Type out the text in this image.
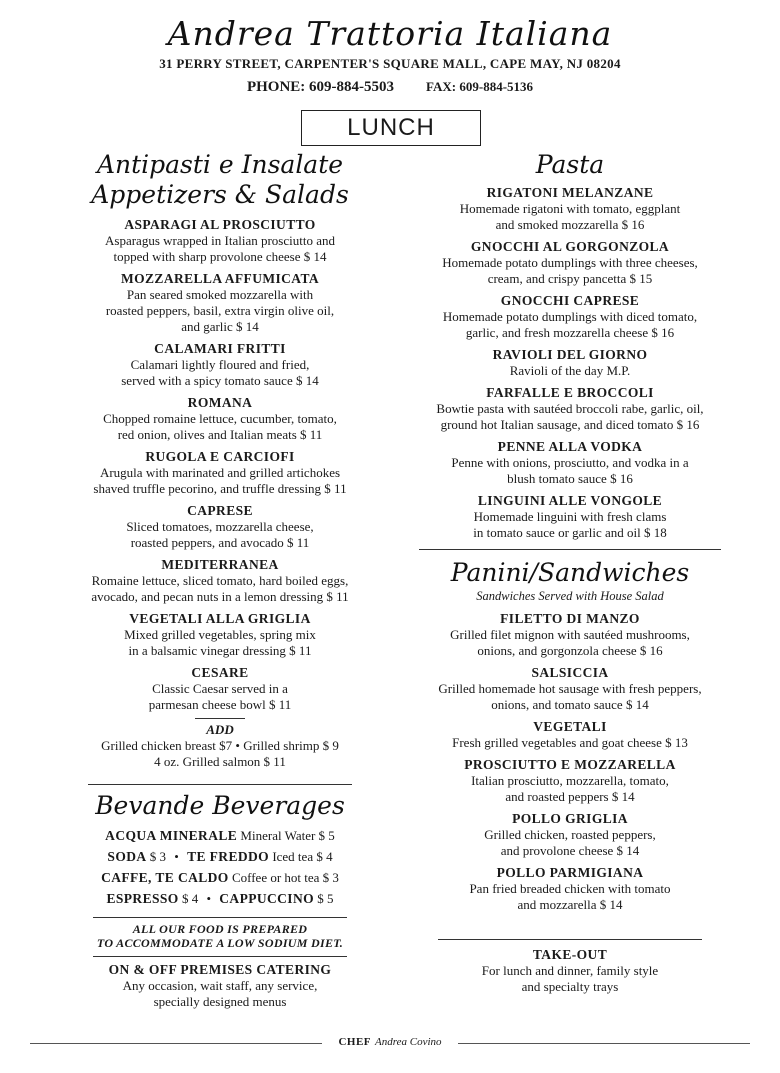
Andrea Trattoria Italiana
31 PERRY STREET, CARPENTER'S SQUARE MALL, CAPE MAY, NJ 08204
PHONE: 609-884-5503 FAX: 609-884-5136
LUNCH
Antipasti e Insalate
Appetizers & Salads
ASPARAGI AL PROSCIUTTO
Asparagus wrapped in Italian prosciutto and
topped with sharp provolone cheese $ 14
MOZZARELLA AFFUMICATA
Pan seared smoked mozzarella with
roasted peppers, basil, extra virgin olive oil,
and garlic $ 14
CALAMARI FRITTI
Calamari lightly floured and fried,
served with a spicy tomato sauce $ 14
ROMANA
Chopped romaine lettuce, cucumber, tomato,
red onion, olives and Italian meats $ 11
RUGOLA E CARCIOFI
Arugula with marinated and grilled artichokes
shaved truffle pecorino, and truffle dressing $ 11
CAPRESE
Sliced tomatoes, mozzarella cheese,
roasted peppers, and avocado $ 11
MEDITERRANEA
Romaine lettuce, sliced tomato, hard boiled eggs,
avocado, and pecan nuts in a lemon dressing $ 11
VEGETALI ALLA GRIGLIA
Mixed grilled vegetables, spring mix
in a balsamic vinegar dressing $ 11
CESARE
Classic Caesar served in a
parmesan cheese bowl $ 11
ADD
Grilled chicken breast $7 • Grilled shrimp $ 9
4 oz. Grilled salmon $ 11
Bevande Beverages
ACQUA MINERALE Mineral Water $ 5
SODA $ 3 • TE FREDDO Iced tea $ 4
CAFFE, TE CALDO Coffee or hot tea $ 3
ESPRESSO $ 4 • CAPPUCCINO $ 5
ALL OUR FOOD IS PREPARED
TO ACCOMMODATE A LOW SODIUM DIET.
ON & OFF PREMISES CATERING
Any occasion, wait staff, any service,
specially designed menus
Pasta
RIGATONI MELANZANE
Homemade rigatoni with tomato, eggplant
and smoked mozzarella $ 16
GNOCCHI AL GORGONZOLA
Homemade potato dumplings with three cheeses,
cream, and crispy pancetta $ 15
GNOCCHI CAPRESE
Homemade potato dumplings with diced tomato,
garlic, and fresh mozzarella cheese $ 16
RAVIOLI DEL GIORNO
Ravioli of the day M.P.
FARFALLE E BROCCOLI
Bowtie pasta with sautéed broccoli rabe, garlic, oil,
ground hot Italian sausage, and diced tomato $ 16
PENNE ALLA VODKA
Penne with onions, prosciutto, and vodka in a
blush tomato sauce $ 16
LINGUINI ALLE VONGOLE
Homemade linguini with fresh clams
in tomato sauce or garlic and oil $ 18
Panini/Sandwiches
Sandwiches Served with House Salad
FILETTO DI MANZO
Grilled filet mignon with sautéed mushrooms,
onions, and gorgonzola cheese $ 16
SALSICCIA
Grilled homemade hot sausage with fresh peppers,
onions, and tomato sauce $ 14
VEGETALI
Fresh grilled vegetables and goat cheese $ 13
PROSCIUTTO E MOZZARELLA
Italian prosciutto, mozzarella, tomato,
and roasted peppers $ 14
POLLO GRIGLIA
Grilled chicken, roasted peppers,
and provolone cheese $ 14
POLLO PARMIGIANA
Pan fried breaded chicken with tomato
and mozzarella $ 14
TAKE-OUT
For lunch and dinner, family style
and specialty trays
CHEF Andrea Covino
